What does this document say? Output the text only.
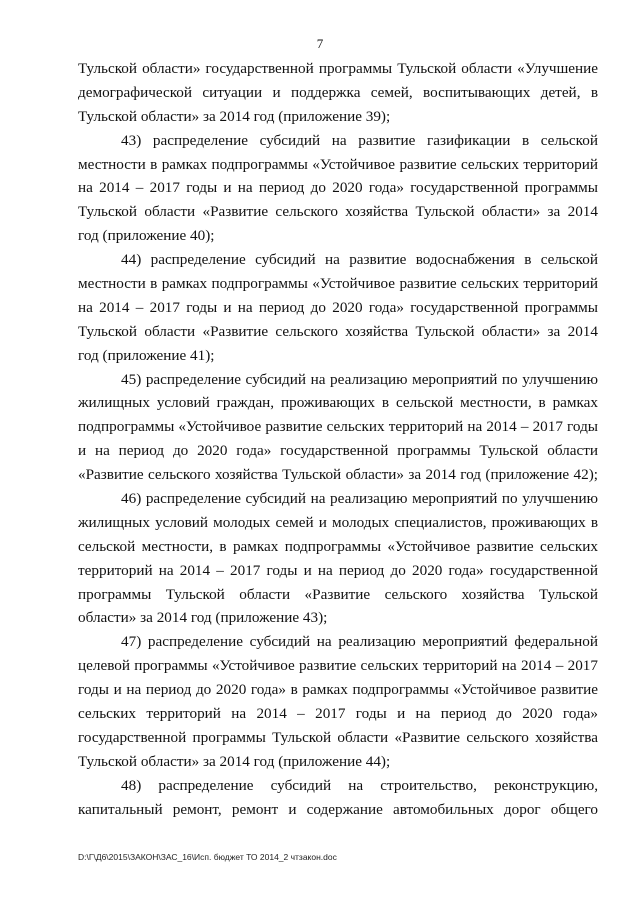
7
Тульской области» государственной программы Тульской области «Улучшение
демографической ситуации и поддержка семей, воспитывающих детей, в
Тульской области» за 2014 год (приложение 39);
43) распределение субсидий на развитие газификации в сельской
местности в рамках подпрограммы «Устойчивое развитие сельских территорий
на 2014 – 2017 годы и на период до 2020 года» государственной программы
Тульской области «Развитие сельского хозяйства Тульской области» за 2014
год (приложение 40);
44) распределение субсидий на развитие водоснабжения в сельской
местности в рамках подпрограммы «Устойчивое развитие сельских территорий
на 2014 – 2017 годы и на период до 2020 года» государственной программы
Тульской области «Развитие сельского хозяйства Тульской области» за 2014
год (приложение 41);
45) распределение субсидий на реализацию мероприятий по улучшению
жилищных условий граждан, проживающих в сельской местности, в рамках
подпрограммы «Устойчивое развитие сельских территорий на 2014 – 2017 годы
и на период до 2020 года» государственной программы Тульской области
«Развитие сельского хозяйства Тульской области» за 2014 год (приложение 42);
46) распределение субсидий на реализацию мероприятий по улучшению
жилищных условий молодых семей и молодых специалистов, проживающих в
сельской местности, в рамках подпрограммы «Устойчивое развитие сельских
территорий на 2014 – 2017 годы и на период до 2020 года» государственной
программы Тульской области «Развитие сельского хозяйства Тульской
области» за 2014 год (приложение 43);
47) распределение субсидий на реализацию мероприятий федеральной
целевой программы «Устойчивое развитие сельских территорий на 2014 – 2017
годы и на период до 2020 года» в рамках подпрограммы «Устойчивое развитие
сельских территорий на 2014 – 2017 годы и на период до 2020 года»
государственной программы Тульской области «Развитие сельского хозяйства
Тульской области» за 2014 год (приложение 44);
48) распределение субсидий на строительство, реконструкцию,
капитальный ремонт, ремонт и содержание автомобильных дорог общего
D:\Г\Д6\2015\ЗАКОН\ЗАС_16\Исп. бюджет ТО 2014_2 чтзакон.doc
